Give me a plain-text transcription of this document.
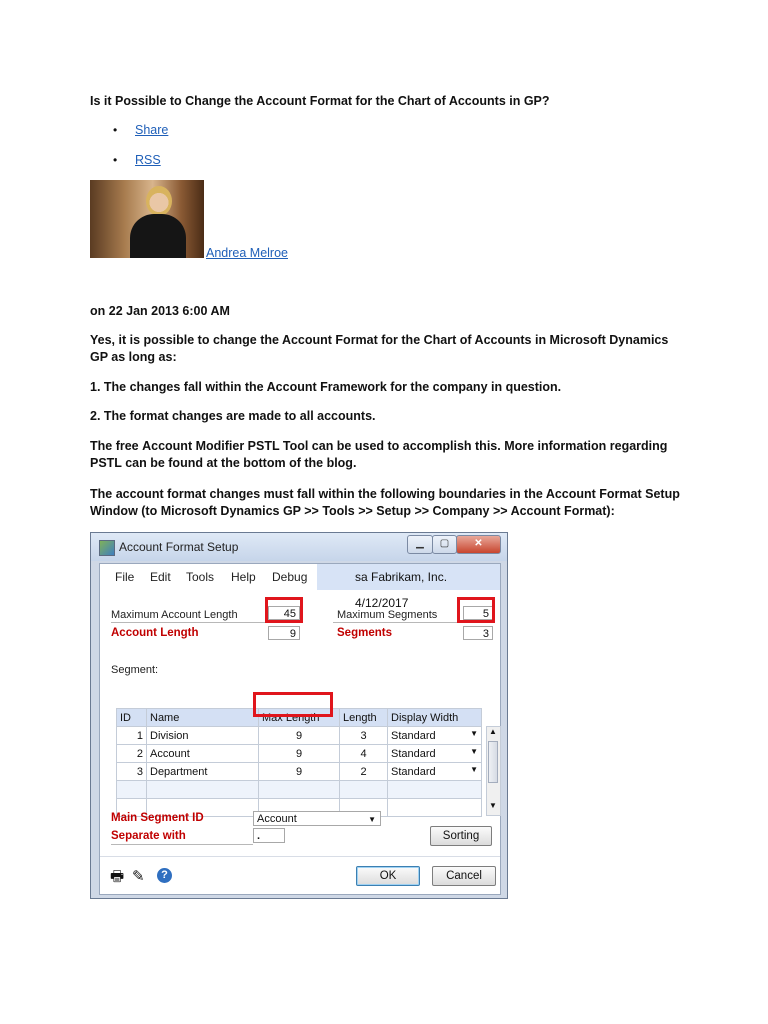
Is it Possible to Change the Account Format for the Chart of Accounts in GP?
• Share
• RSS
Andrea Melroe
on 22 Jan 2013 6:00 AM
Yes, it is possible to change the Account Format for the Chart of Accounts in Microsoft Dynamics GP as long as:
1. The changes fall within the Account Framework for the company in question.
2. The format changes are made to all accounts.
The free Account Modifier PSTL Tool can be used to accomplish this. More information regarding PSTL can be found at the bottom of the blog.
The account format changes must fall within the following boundaries in the Account Format Setup Window (to Microsoft Dynamics GP >> Tools >> Setup >> Company >> Account Format):
Account Format Setup	▁	▢	✕
File Edit Tools Help Debug	sa Fabrikam, Inc. 4/12/2017
Maximum Account Length	45
Account Length	9
Maximum Segments	5
Segments	3
Segment:
ID	Name	Max Length	Length	Display Width
1	Division	9	3	Standard ▼

2	Account	9	4	Standard ▼

3	Department	9	2	Standard ▼

▲
▼
Main Segment ID	Account	▼
Separate with	.	Sorting
🖶 ✎	?	OK	Cancel
